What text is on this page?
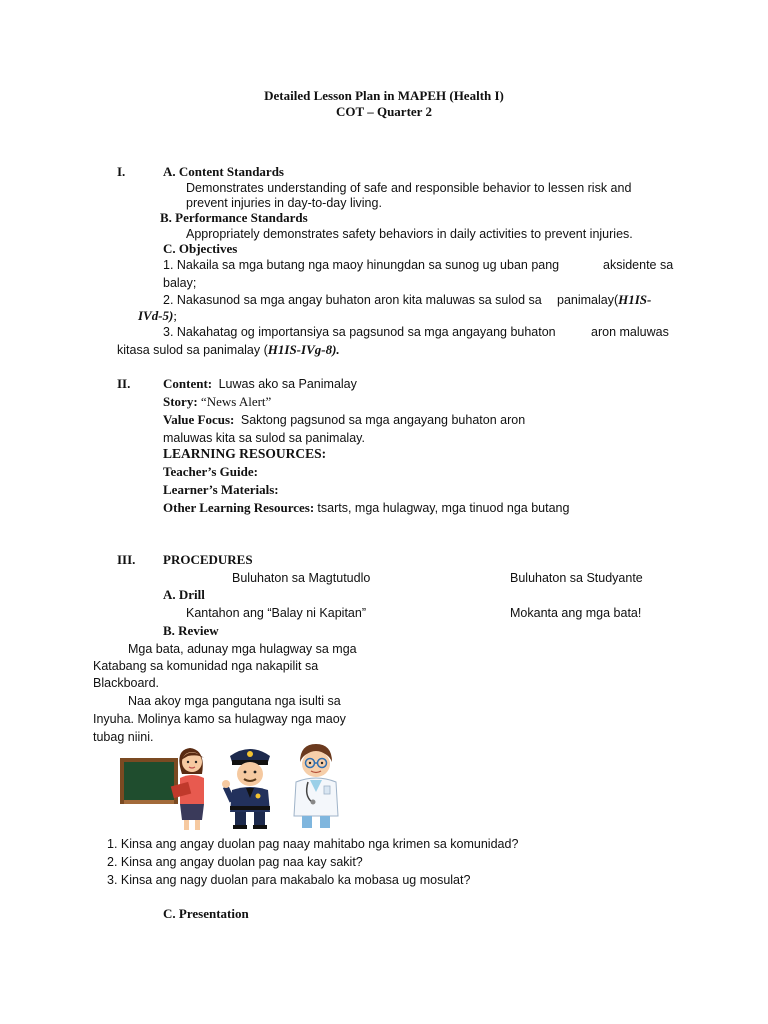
Detailed Lesson Plan in MAPEH (Health I)
COT – Quarter 2
I.	A. Content Standards
Demonstrates understanding of safe and responsible behavior to lessen risk and
prevent injuries in day-to-day living.
B. Performance Standards
Appropriately demonstrates safety behaviors in daily activities to prevent injuries.
C. Objectives
1. Nakaila sa mga butang nga maoy hinungdan sa sunog ug uban pang	aksidente sa
balay;
2. Nakasunod sa mga angay buhaton aron kita maluwas sa sulod sa panimalay(H1IS-
IVd-5);
3. Nakahatag og importansiya sa pagsunod sa mga angayang buhaton	aron maluwas
kitasa sulod sa panimalay (H1IS-IVg-8).
II.	Content: Luwas ako sa Panimalay
Story: “News Alert”
Value Focus: Saktong pagsunod sa mga angayang buhaton aron
maluwas kita sa sulod sa panimalay.
LEARNING RESOURCES:
Teacher’s Guide:
Learner’s Materials:
Other Learning Resources: tsarts, mga hulagway, mga tinuod nga butang
III. PROCEDURES
Buluhaton sa Magtutudlo	Buluhaton sa Studyante
A. Drill
Kantahon ang “Balay ni Kapitan”	Mokanta ang mga bata!
B. Review
Mga bata, adunay mga hulagway sa mga
Katabang sa komunidad nga nakapilit sa
Blackboard.
Naa akoy mga pangutana nga isulti sa
Inyuha. Molinya kamo sa hulagway nga maoy
tubag niini.
1. Kinsa ang angay duolan pag naay mahitabo nga krimen sa komunidad?
2. Kinsa ang angay duolan pag naa kay sakit?
3. Kinsa ang nagy duolan para makabalo ka mobasa ug mosulat?
C. Presentation
